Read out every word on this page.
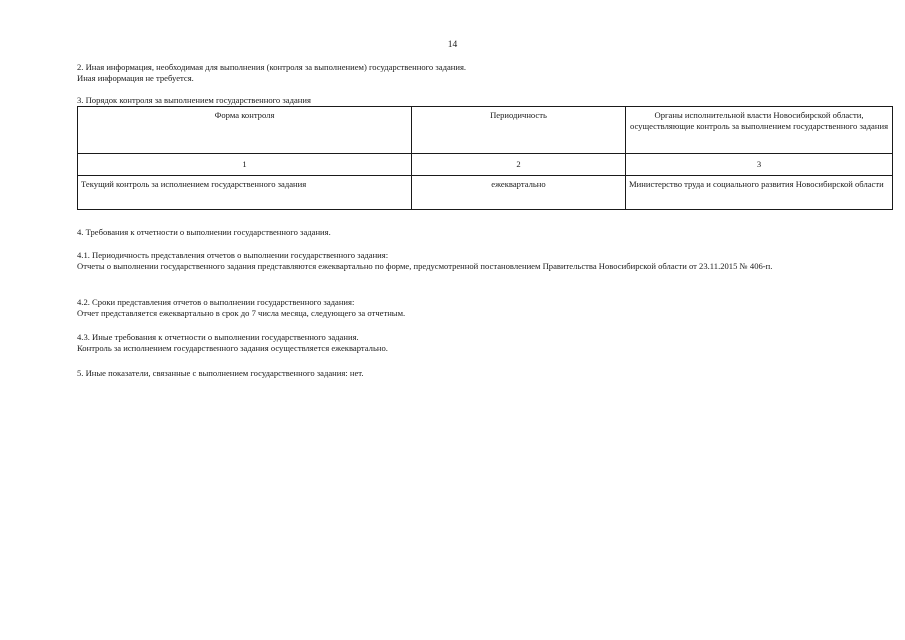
14

2. Иная информация, необходимая для выполнения (контроля за выполнением) государственного задания.

Иная информация не требуется.

3. Порядок контроля за выполнением государственного задания

Форма контроля	Периодичность	Органы исполнительной власти Новосибирской области, осуществляющие контроль за выполнением государственного задания
1	2	3
Текущий контроль за исполнением государственного задания	ежеквартально	Министерство труда и социального развития Новосибирской области

4. Требования к отчетности о выполнении государственного задания.

4.1. Периодичность представления отчетов о выполнении государственного задания:

Отчеты о выполнении государственного задания представляются ежеквартально по форме, предусмотренной постановлением Правительства Новосибирской области от 23.11.2015 № 406-п.

4.2. Сроки представления отчетов о выполнении государственного задания:

Отчет представляется ежеквартально в срок до 7 числа месяца, следующего за отчетным.

4.3. Иные требования к отчетности о выполнении государственного задания.

Контроль за исполнением государственного задания осуществляется ежеквартально.

5. Иные показатели, связанные с выполнением государственного задания: нет.
